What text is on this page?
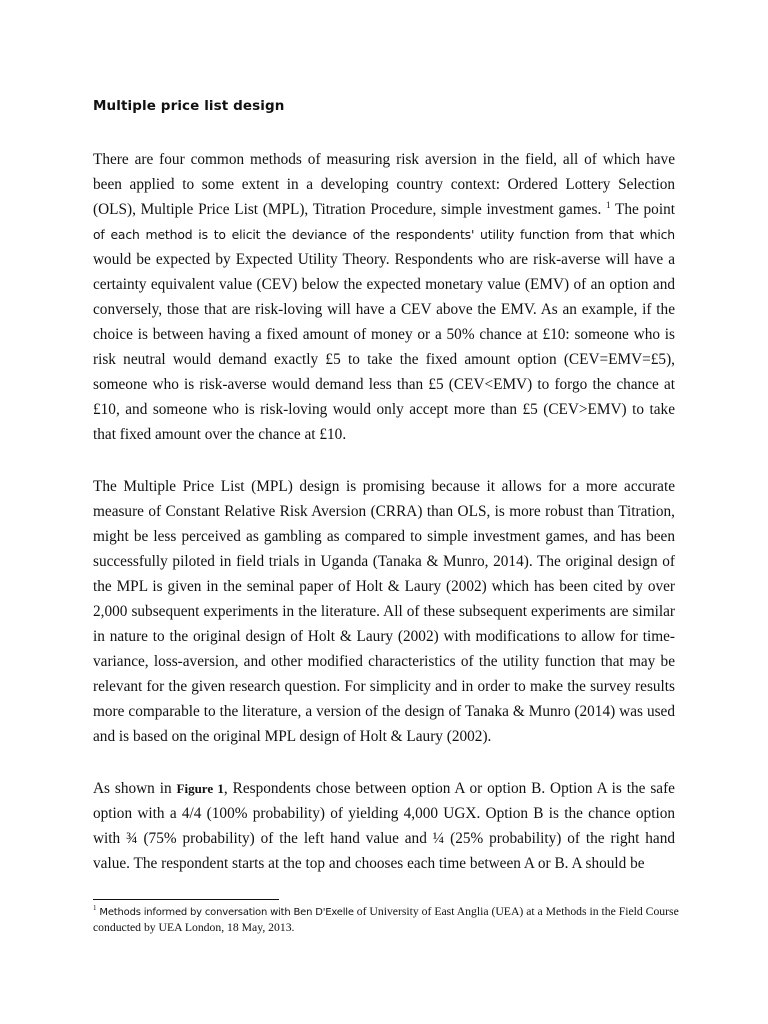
Multiple price list design

There are four common methods of measuring risk aversion in the field, all of which have been applied to some extent in a developing country context: Ordered Lottery Selection (OLS), Multiple Price List (MPL), Titration Procedure, simple investment games. $^1$ The point of each method is to elicit the deviance of the respondents' utility function from that which would be expected by Expected Utility Theory. Respondents who are risk-averse will have a certainty equivalent value (CEV) below the expected monetary value (EMV) of an option and conversely, those that are risk-loving will have a CEV above the EMV. As an example, if the choice is between having a fixed amount of money or a 50% chance at £10: someone who is risk neutral would demand exactly £5 to take the fixed amount option (CEV=EMV=£5), someone who is risk-averse would demand less than £5 (CEV<EMV) to forgo the chance at £10, and someone who is risk-loving would only accept more than £5 (CEV>EMV) to take that fixed amount over the chance at £10.

The Multiple Price List (MPL) design is promising because it allows for a more accurate measure of Constant Relative Risk Aversion (CRRA) than OLS, is more robust than Titration, might be less perceived as gambling as compared to simple investment games, and has been successfully piloted in field trials in Uganda (Tanaka & Munro, 2014). The original design of the MPL is given in the seminal paper of Holt & Laury (2002) which has been cited by over 2,000 subsequent experiments in the literature. All of these subsequent experiments are similar in nature to the original design of Holt & Laury (2002) with modifications to allow for time-variance, loss-aversion, and other modified characteristics of the utility function that may be relevant for the given research question. For simplicity and in order to make the survey results more comparable to the literature, a version of the design of Tanaka & Munro (2014) was used and is based on the original MPL design of Holt & Laury (2002).

As shown in Figure 1, Respondents chose between option A or option B. Option A is the safe option with a 4/4 (100% probability) of yielding 4,000 UGX. Option B is the chance option with ¾ (75% probability) of the left hand value and ¼ (25% probability) of the right hand value. The respondent starts at the top and chooses each time between A or B. A should be

$^1$ Methods informed by conversation with Ben D'Exelle of University of East Anglia (UEA) at a Methods in the Field Course conducted by UEA London, 18 May, 2013.
